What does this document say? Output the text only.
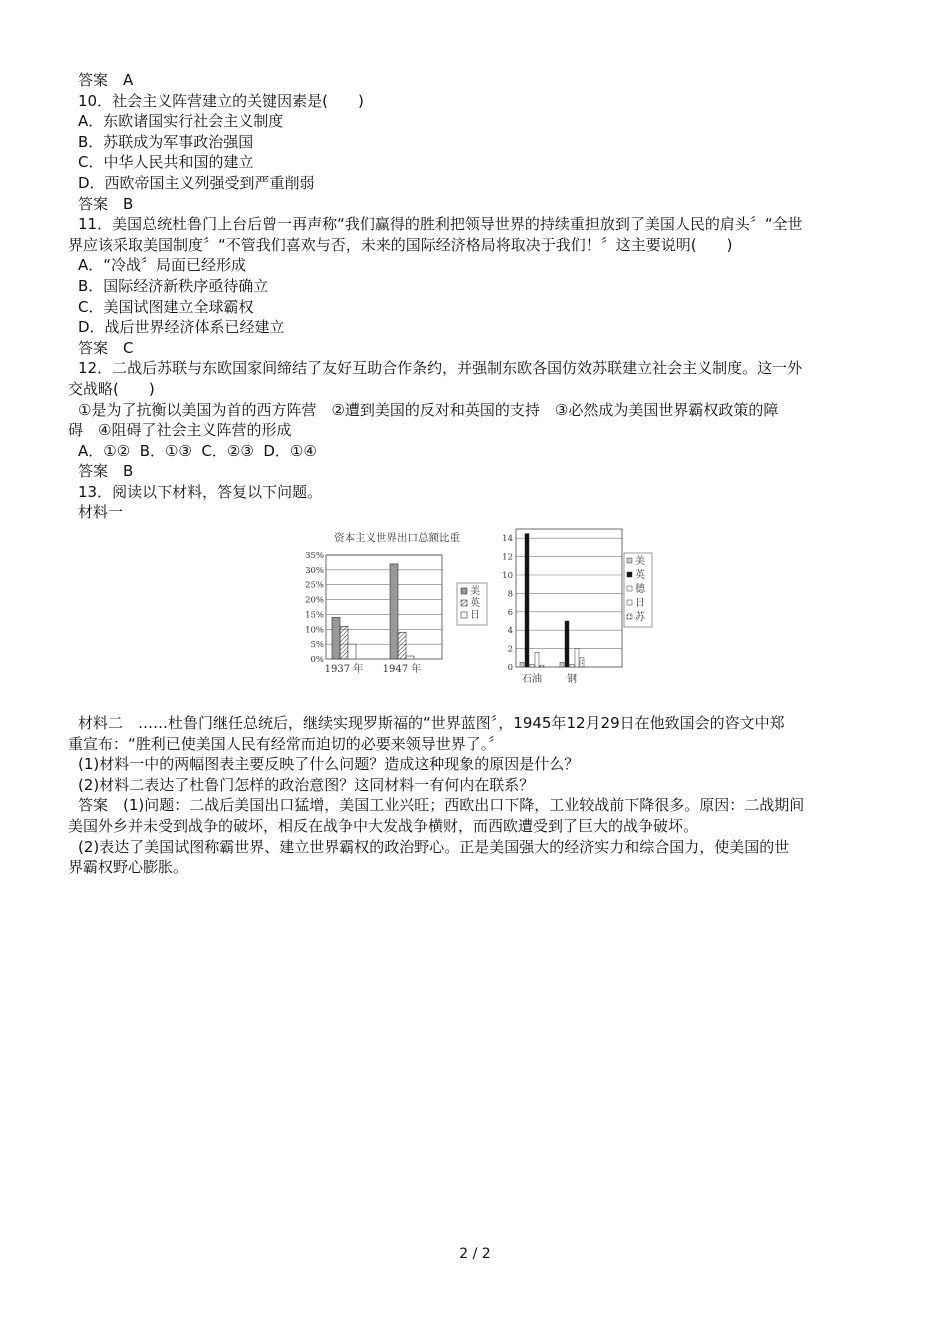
答案　A

10．社会主义阵营建立的关键因素是(　　)

A．东欧诸国实行社会主义制度

B．苏联成为军事政治强国

C．中华人民共和国的建立

D．西欧帝国主义列强受到严重削弱

答案　B

11．美国总统杜鲁门上台后曾一再声称“我们赢得的胜利把领导世界的持续重担放到了美国人民的肩头〞“全世

界应该采取美国制度〞“不管我们喜欢与否，未来的国际经济格局将取决于我们！〞这主要说明(　　)

A．“冷战〞局面已经形成

B．国际经济新秩序亟待确立

C．美国试图建立全球霸权

D．战后世界经济体系已经建立

答案　C

12．二战后苏联与东欧国家间缔结了友好互助合作条约，并强制东欧各国仿效苏联建立社会主义制度。这一外

交战略(　　)

①是为了抗衡以美国为首的西方阵营　②遭到美国的反对和英国的支持　③必然成为美国世界霸权政策的障

碍　④阻碍了社会主义阵营的形成

A．①②  B．①③  C．②③  D．①④

答案　B

13．阅读以下材料，答复以下问题。

材料一

资本主义世界出口总额比重
0%
5%
10%
15%
20%
25%
30%
35%
1937 年 1947 年
美
英
日
0
2
4
6
8
10
12
14
石油	钢
美
英
德
日
苏

材料二　……杜鲁门继任总统后，继续实现罗斯福的“世界蓝图〞，1945年12月29日在他致国会的咨文中郑

重宣布：“胜利已使美国人民有经常而迫切的必要来领导世界了。〞

(1)材料一中的两幅图表主要反映了什么问题？造成这种现象的原因是什么？

(2)材料二表达了杜鲁门怎样的政治意图？这同材料一有何内在联系？

答案　(1)问题：二战后美国出口猛增，美国工业兴旺；西欧出口下降，工业较战前下降很多。原因：二战期间

美国外乡并未受到战争的破坏，相反在战争中大发战争横财，而西欧遭受到了巨大的战争破坏。

(2)表达了美国试图称霸世界、建立世界霸权的政治野心。正是美国强大的经济实力和综合国力，使美国的世

界霸权野心膨胀。

2 / 2
